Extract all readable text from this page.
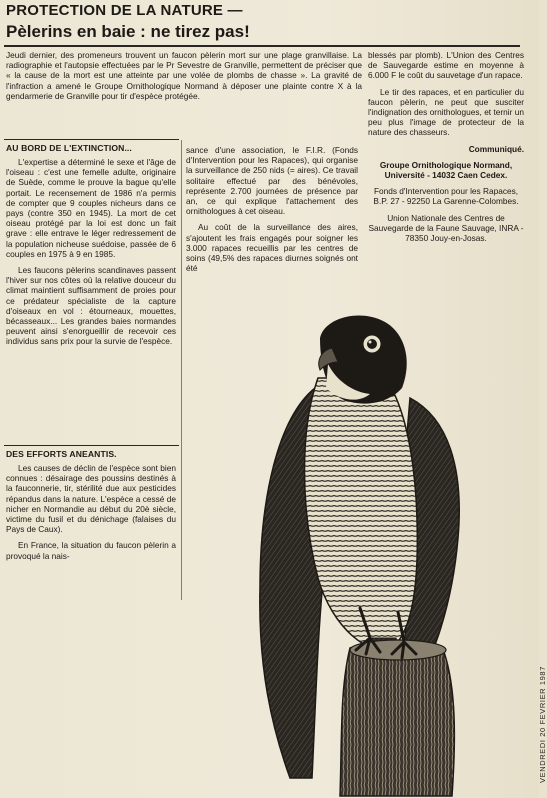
PROTECTION DE LA NATURE —
Pèlerins en baie : ne tirez pas!

Jeudi dernier, des promeneurs trouvent un faucon pèlerin mort sur une plage granvillaise. La radiographie et l'autopsie effectuées par le Pr Sevestre de Granville, permettent de préciser que « la cause de la mort est une atteinte par une volée de plombs de chasse ». La gravité de l'infraction a amené le Groupe Ornithologique Normand à déposer une plainte contre X à la gendarmerie de Granville pour tir d'espèce protégée.

AU BORD DE L'EXTINCTION...

L'expertise a déterminé le sexe et l'âge de l'oiseau : c'est une femelle adulte, originaire de Suède, comme le prouve la bague qu'elle portait. Le recensement de 1986 n'a permis de compter que 9 couples nicheurs dans ce pays (contre 350 en 1945). La mort de cet oiseau protégé par la loi est donc un fait grave : elle entrave le léger redressement de la population nicheuse suédoise, passée de 6 couples en 1975 à 9 en 1985.

Les faucons pèlerins scandinaves passent l'hiver sur nos côtes où la relative douceur du climat maintient suffisamment de proies pour ce prédateur spécialiste de la capture d'oiseaux en vol : étourneaux, mouettes, bécasseaux... Les grandes baies normandes peuvent ainsi s'enorgueillir de recevoir ces individus sans prix pour la survie de l'espèce.

DES EFFORTS ANEANTIS.

Les causes de déclin de l'espèce sont bien connues : désairage des poussins destinés à la fauconnerie, tir, stérilité due aux pesticides répandus dans la nature. L'espèce a cessé de nicher en Normandie au début du 20è siècle, victime du fusil et du dénichage (falaises du Pays de Caux).

En France, la situation du faucon pèlerin a provoqué la nais-

sance d'une association, le F.I.R. (Fonds d'Intervention pour les Rapaces), qui organise la surveillance de 250 nids (= aires). Ce travail solitaire effectué par des bénévoles, représente 2.700 journées de présence par an, ce qui explique l'attachement des ornithologues à cet oiseau.

Au coût de la surveillance des aires, s'ajoutent les frais engagés pour soigner les 3.000 rapaces recueillis par les centres de soins (49,5% des rapaces diurnes soignés ont été

blessés par plomb). L'Union des Centres de Sauvegarde estime en moyenne à 6.000 F le coût du sauvetage d'un rapace.

Le tir des rapaces, et en particulier du faucon pèlerin, ne peut que susciter l'indignation des ornithologues, et ternir un peu plus l'image de protecteur de la nature des chasseurs.

Communiqué.

Groupe Ornithologique Normand, Université - 14032 Caen Cedex.

Fonds d'Intervention pour les Rapaces, B.P. 27 - 92250 La Garenne-Colombes.

Union Nationale des Centres de Sauvegarde de la Faune Sauvage, INRA - 78350 Jouy-en-Josas.

VENDREDI 20 FEVRIER 1987
